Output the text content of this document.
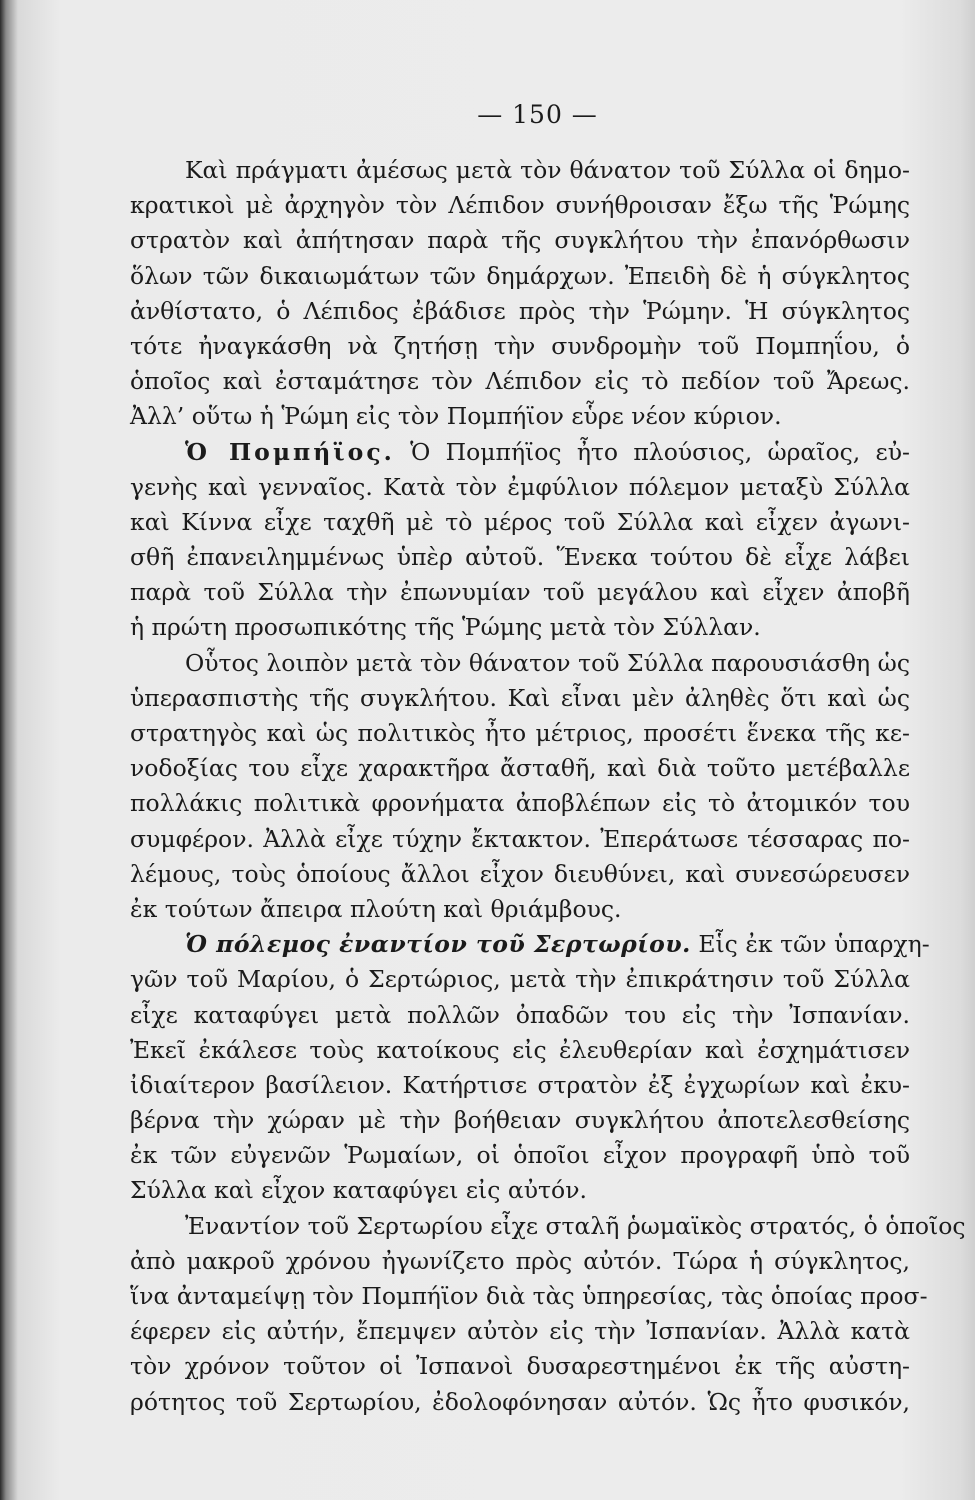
— 150 —
Καὶ πράγματι ἀμέσως μετὰ τὸν θάνατον τοῦ Σύλλα οἱ δημο-
κρατικοὶ μὲ ἀρχηγὸν τὸν Λέπιδον συνήθροισαν ἔξω τῆς Ῥώμης
στρατὸν καὶ ἀπήτησαν παρὰ τῆς συγκλήτου τὴν ἐπανόρθωσιν
ὅλων τῶν δικαιωμάτων τῶν δημάρχων. Ἐπειδὴ δὲ ἡ σύγκλητος
ἀνθίστατο, ὁ Λέπιδος ἐβάδισε πρὸς τὴν Ῥώμην. Ἡ σύγκλητος
τότε ἠναγκάσθη νὰ ζητήσῃ τὴν συνδρομὴν τοῦ Πομπηΐου, ὁ
ὁποῖος καὶ ἐσταμάτησε τὸν Λέπιδον εἰς τὸ πεδίον τοῦ Ἄρεως.
Ἀλλ’ οὕτω ἡ Ῥώμη εἰς τὸν Πομπήϊον εὗρε νέον κύριον.
Ὁ Πομπήϊος. Ὁ Πομπήϊος ἦτο πλούσιος, ὡραῖος, εὐ-
γενὴς καὶ γενναῖος. Κατὰ τὸν ἐμφύλιον πόλεμον μεταξὺ Σύλλα
καὶ Κίννα εἶχε ταχθῆ μὲ τὸ μέρος τοῦ Σύλλα καὶ εἶχεν ἀγωνι-
σθῆ ἐπανειλημμένως ὑπὲρ αὐτοῦ. Ἕνεκα τούτου δὲ εἶχε λάβει
παρὰ τοῦ Σύλλα τὴν ἐπωνυμίαν τοῦ μεγάλου καὶ εἶχεν ἀποβῆ
ἡ πρώτη προσωπικότης τῆς Ῥώμης μετὰ τὸν Σύλλαν.
Οὗτος λοιπὸν μετὰ τὸν θάνατον τοῦ Σύλλα παρουσιάσθη ὡς
ὑπερασπιστὴς τῆς συγκλήτου. Καὶ εἶναι μὲν ἀληθὲς ὅτι καὶ ὡς
στρατηγὸς καὶ ὡς πολιτικὸς ἦτο μέτριος, προσέτι ἕνεκα τῆς κε-
νοδοξίας του εἶχε χαρακτῆρα ἄσταθῆ, καὶ διὰ τοῦτο μετέβαλλε
πολλάκις πολιτικὰ φρονήματα ἀποβλέπων εἰς τὸ ἀτομικόν του
συμφέρον. Ἀλλὰ εἶχε τύχην ἔκτακτον. Ἐπεράτωσε τέσσαρας πο-
λέμους, τοὺς ὁποίους ἄλλοι εἶχον διευθύνει, καὶ συνεσώρευσεν
ἐκ τούτων ἄπειρα πλούτη καὶ θριάμβους.
Ὁ πόλεμος ἐναντίον τοῦ Σερτωρίου. Εἷς ἐκ τῶν ὑπαρχη-
γῶν τοῦ Μαρίου, ὁ Σερτώριος, μετὰ τὴν ἐπικράτησιν τοῦ Σύλλα
εἶχε καταφύγει μετὰ πολλῶν ὀπαδῶν του εἰς τὴν Ἰσπανίαν.
Ἐκεῖ ἐκάλεσε τοὺς κατοίκους εἰς ἐλευθερίαν καὶ ἐσχημάτισεν
ἰδιαίτερον βασίλειον. Κατήρτισε στρατὸν ἐξ ἐγχωρίων καὶ ἐκυ-
βέρνα τὴν χώραν μὲ τὴν βοήθειαν συγκλήτου ἀποτελεσθείσης
ἐκ τῶν εὐγενῶν Ῥωμαίων, οἱ ὁποῖοι εἶχον προγραφῆ ὑπὸ τοῦ
Σύλλα καὶ εἶχον καταφύγει εἰς αὐτόν.
Ἐναντίον τοῦ Σερτωρίου εἶχε σταλῆ ῥωμαϊκὸς στρατός, ὁ ὁποῖος
ἀπὸ μακροῦ χρόνου ἠγωνίζετο πρὸς αὐτόν. Τώρα ἡ σύγκλητος,
ἵνα ἀνταμείψῃ τὸν Πομπήϊον διὰ τὰς ὑπηρεσίας, τὰς ὁποίας προσ-
έφερεν εἰς αὐτήν, ἔπεμψεν αὐτὸν εἰς τὴν Ἰσπανίαν. Ἀλλὰ κατὰ
τὸν χρόνον τοῦτον οἱ Ἰσπανοὶ δυσαρεστημένοι ἐκ τῆς αὐστη-
ρότητος τοῦ Σερτωρίου, ἐδολοφόνησαν αὐτόν. Ὡς ἦτο φυσικόν,
